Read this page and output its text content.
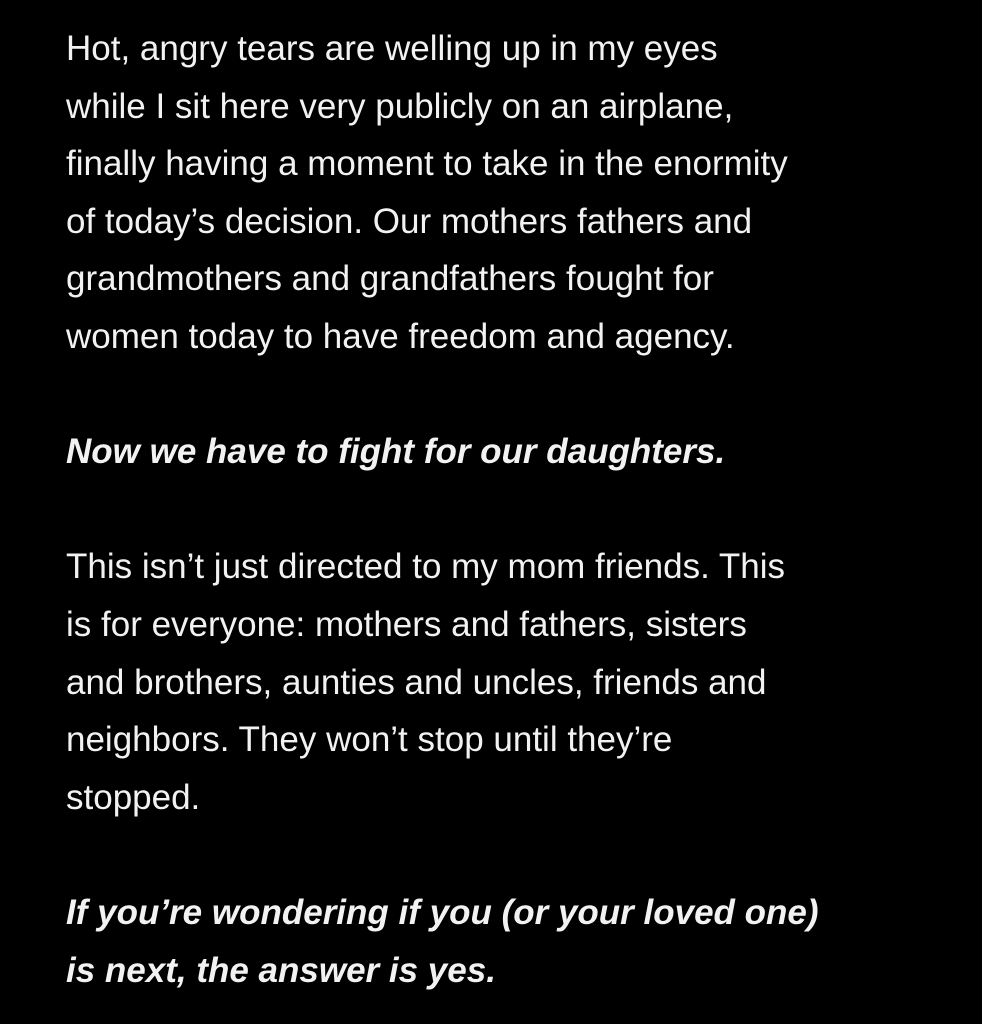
Hot, angry tears are welling up in my eyes
while I sit here very publicly on an airplane,
finally having a moment to take in the enormity
of today’s decision. Our mothers fathers and
grandmothers and grandfathers fought for
women today to have freedom and agency.
Now we have to fight for our daughters.
This isn’t just directed to my mom friends. This
is for everyone: mothers and fathers, sisters
and brothers, aunties and uncles, friends and
neighbors. They won’t stop until they’re
stopped.
If you’re wondering if you (or your loved one)
is next, the answer is yes.
